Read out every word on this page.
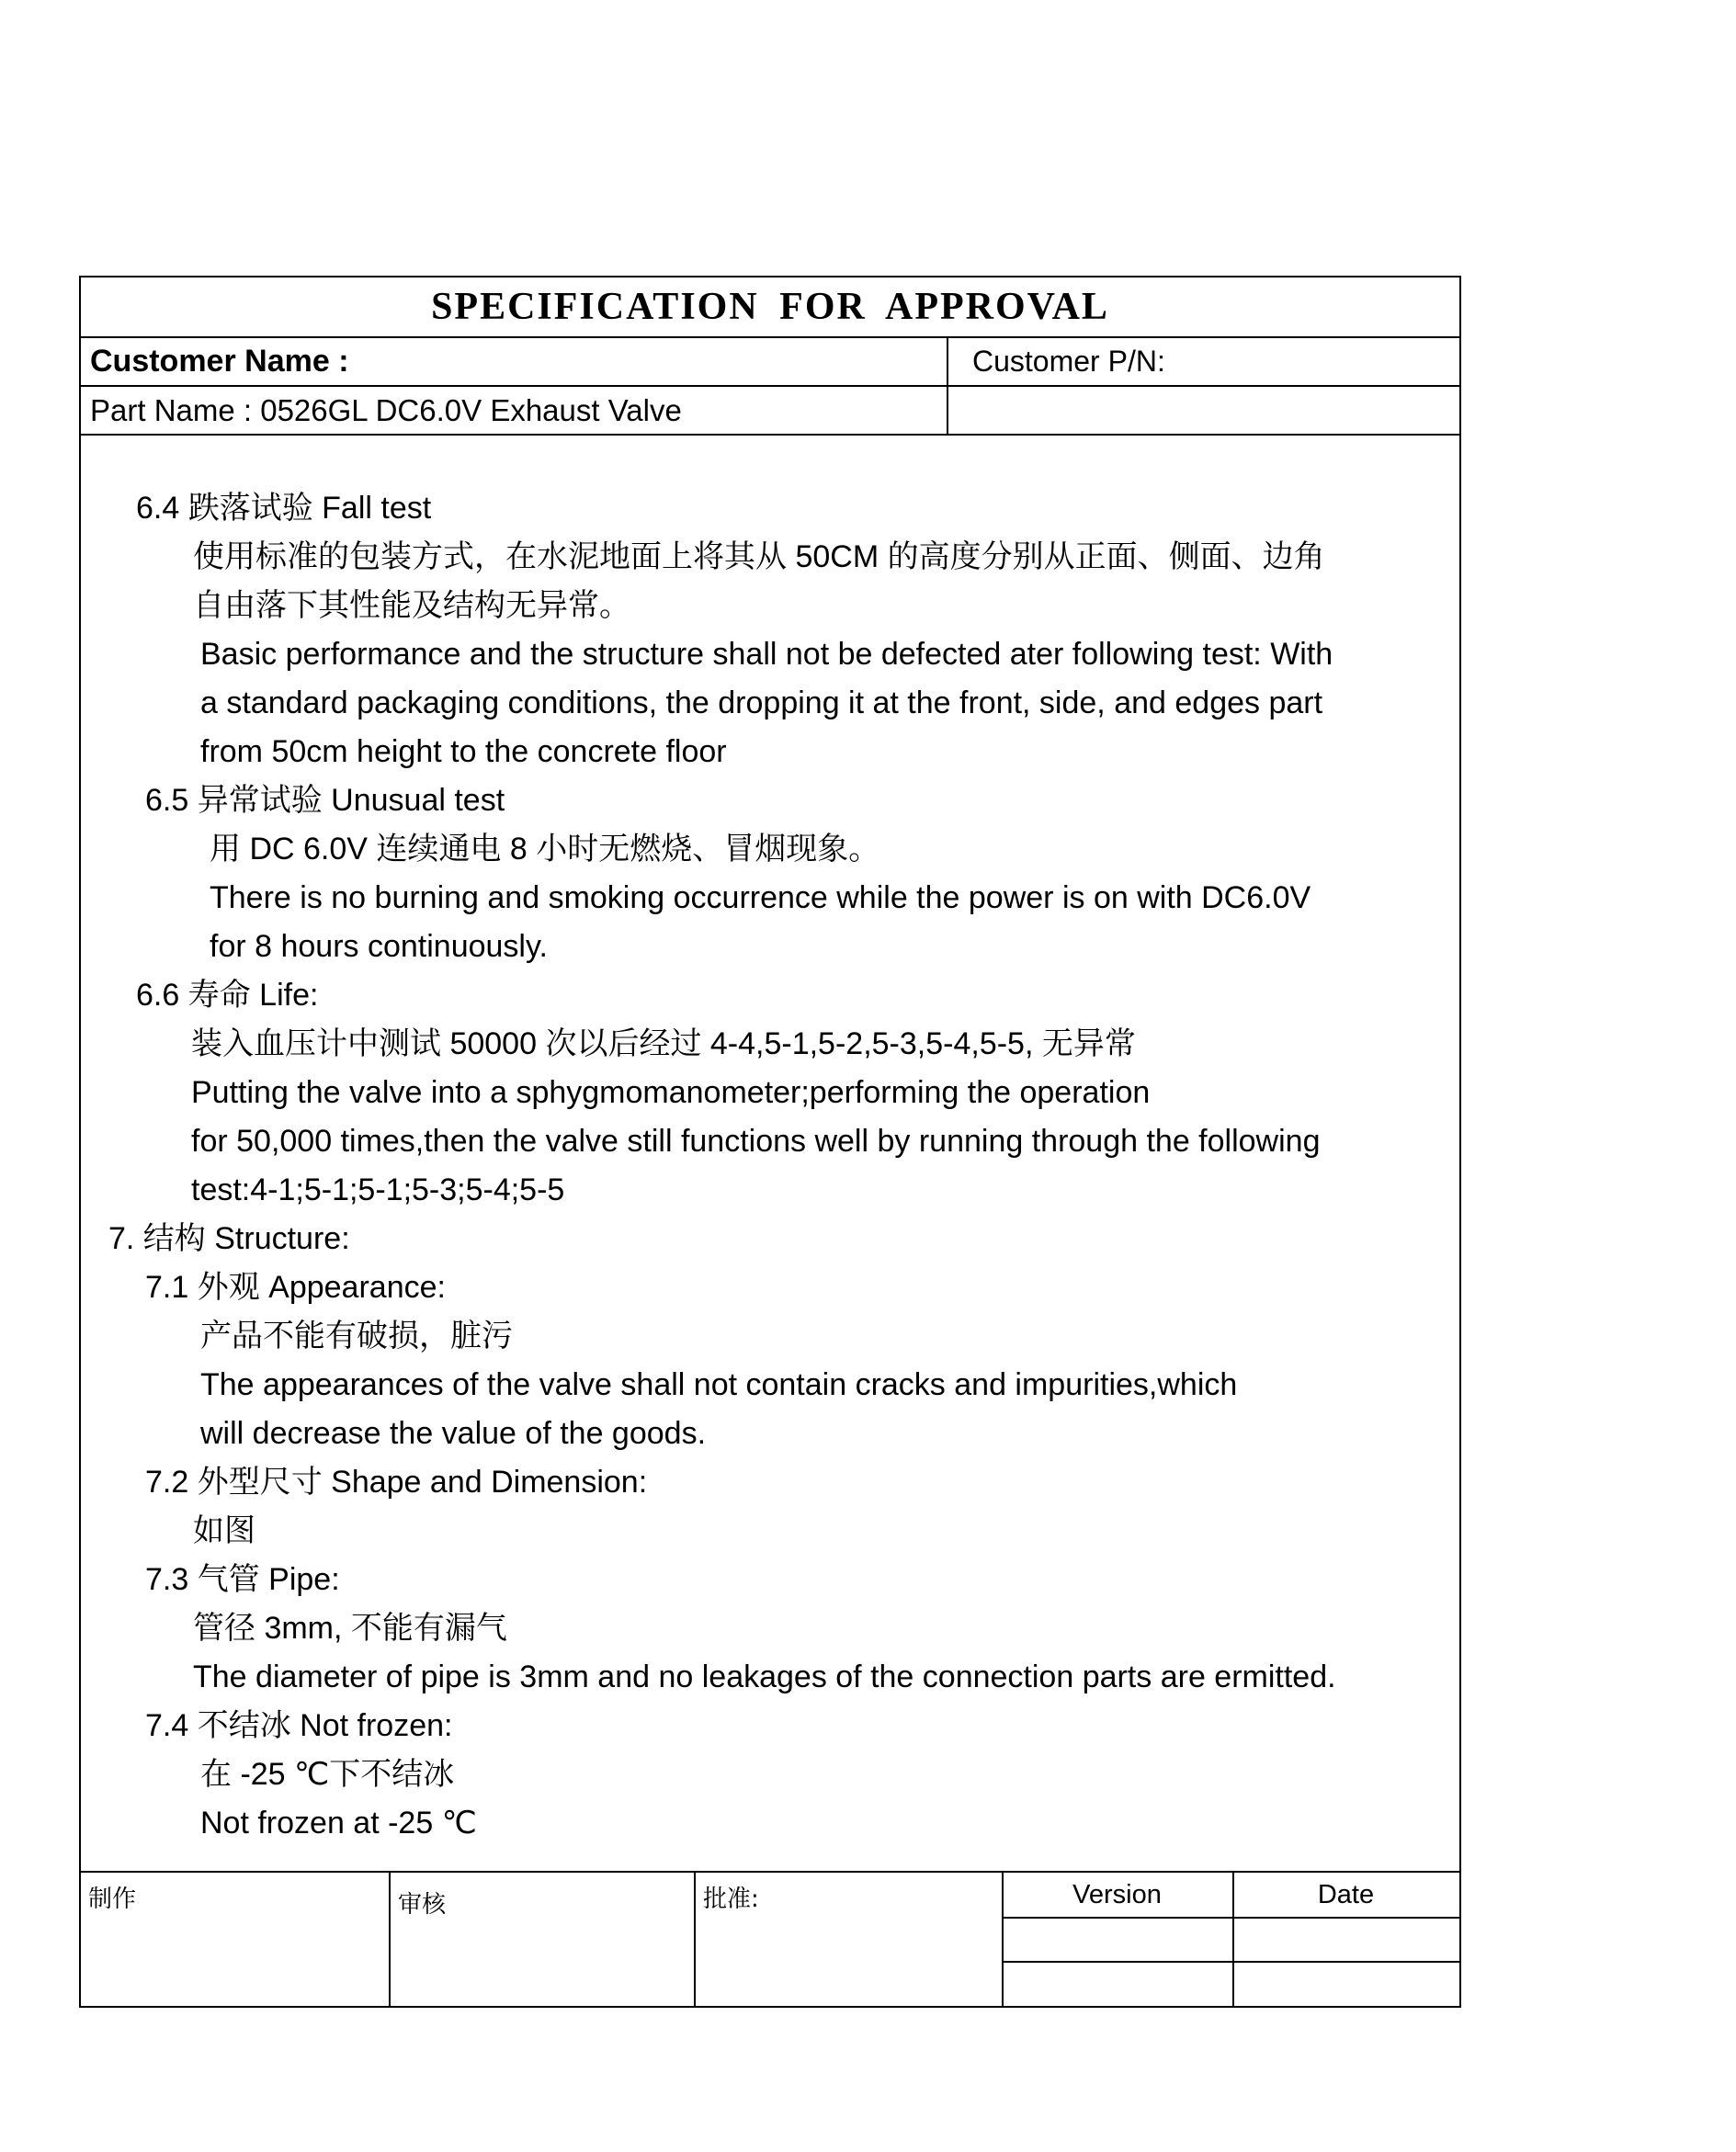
SPECIFICATION FOR APPROVAL
Customer Name :	Customer P/N:
Part Name : 0526GL DC6.0V Exhaust Valve
6.4 跌落试验 Fall test
使用标准的包装方式，在水泥地面上将其从 50CM 的高度分别从正面、侧面、边角
自由落下其性能及结构无异常。
Basic performance and the structure shall not be defected ater following test: With
a standard packaging conditions, the dropping it at the front, side, and edges part
from 50cm height to the concrete floor
6.5 异常试验 Unusual test
用 DC 6.0V 连续通电 8 小时无燃烧、冒烟现象。
There is no burning and smoking occurrence while the power is on with DC6.0V
for 8 hours continuously.
6.6 寿命 Life:
装入血压计中测试 50000 次以后经过 4-4,5-1,5-2,5-3,5-4,5-5, 无异常
Putting the valve into a sphygmomanometer;performing the operation
for 50,000 times,then the valve still functions well by running through the following
test:4-1;5-1;5-1;5-3;5-4;5-5
7. 结构 Structure:
7.1 外观 Appearance:
产品不能有破损，脏污
The appearances of the valve shall not contain cracks and impurities,which
will decrease the value of the goods.
7.2 外型尺寸 Shape and Dimension:
如图
7.3 气管 Pipe:
管径 3mm, 不能有漏气
The diameter of pipe is 3mm and no leakages of the connection parts are ermitted.
7.4 不结冰 Not frozen:
在 -25 ℃下不结冰
Not frozen at -25 ℃
制作	审核	批准:	Version	Date
